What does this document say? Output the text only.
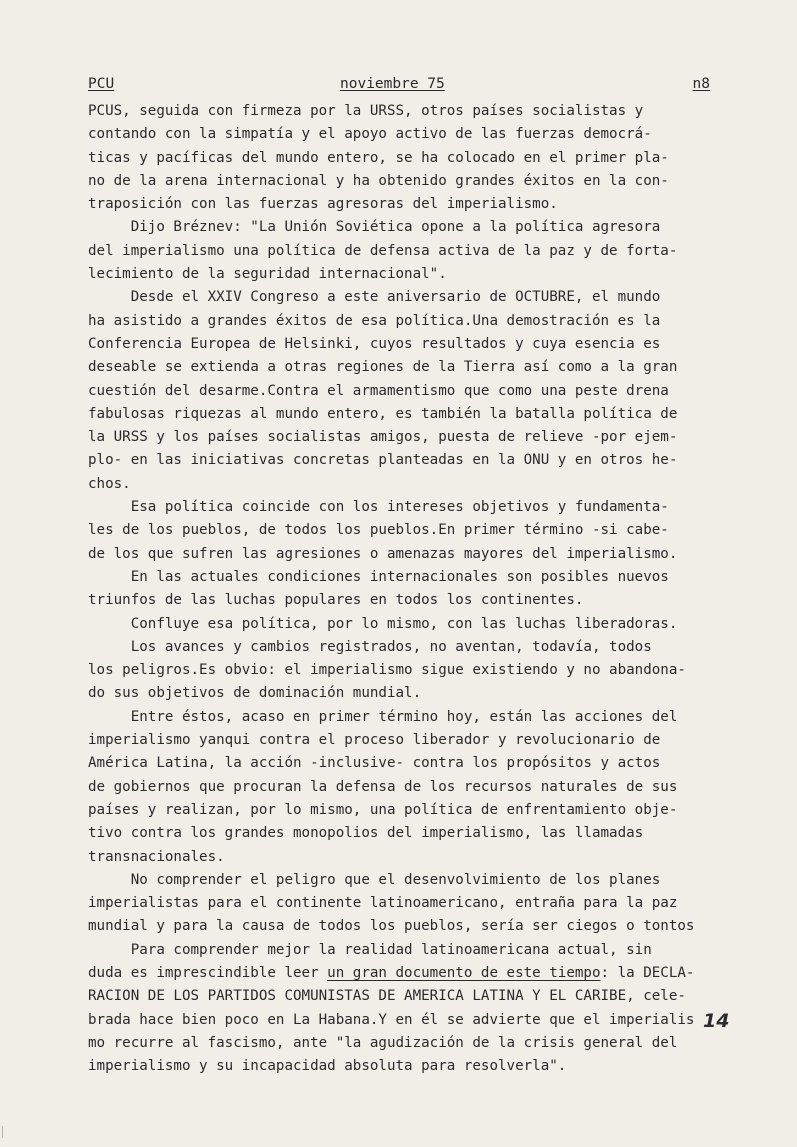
PCU	noviembre 75	n8
PCUS, seguida con firmeza por la URSS, otros países socialistas y
contando con la simpatía y el apoyo activo de las fuerzas democrá-
ticas y pacíficas del mundo entero, se ha colocado en el primer pla-
no de la arena internacional y ha obtenido grandes éxitos en la con-
traposición con las fuerzas agresoras del imperialismo.
Dijo Bréznev: "La Unión Soviética opone a la política agresora
del imperialismo una política de defensa activa de la paz y de forta-
lecimiento de la seguridad internacional".
Desde el XXIV Congreso a este aniversario de OCTUBRE, el mundo
ha asistido a grandes éxitos de esa política.Una demostración es la
Conferencia Europea de Helsinki, cuyos resultados y cuya esencia es
deseable se extienda a otras regiones de la Tierra así como a la gran
cuestión del desarme.Contra el armamentismo que como una peste drena
fabulosas riquezas al mundo entero, es también la batalla política de
la URSS y los países socialistas amigos, puesta de relieve -por ejem-
plo- en las iniciativas concretas planteadas en la ONU y en otros he-
chos.
Esa política coincide con los intereses objetivos y fundamenta-
les de los pueblos, de todos los pueblos.En primer término -si cabe-
de los que sufren las agresiones o amenazas mayores del imperialismo.
En las actuales condiciones internacionales son posibles nuevos
triunfos de las luchas populares en todos los continentes.
Confluye esa política, por lo mismo, con las luchas liberadoras.
Los avances y cambios registrados, no aventan, todavía, todos
los peligros.Es obvio: el imperialismo sigue existiendo y no abandona-
do sus objetivos de dominación mundial.
Entre éstos, acaso en primer término hoy, están las acciones del
imperialismo yanqui contra el proceso liberador y revolucionario de
América Latina, la acción -inclusive- contra los propósitos y actos
de gobiernos que procuran la defensa de los recursos naturales de sus
países y realizan, por lo mismo, una política de enfrentamiento obje-
tivo contra los grandes monopolios del imperialismo, las llamadas
transnacionales.
No comprender el peligro que el desenvolvimiento de los planes
imperialistas para el continente latinoamericano, entraña para la paz
mundial y para la causa de todos los pueblos, sería ser ciegos o tontos
Para comprender mejor la realidad latinoamericana actual, sin
duda es imprescindible leer un gran documento de este tiempo: la DECLA-
RACION DE LOS PARTIDOS COMUNISTAS DE AMERICA LATINA Y EL CARIBE, cele-
brada hace bien poco en La Habana.Y en él se advierte que el imperialis
mo recurre al fascismo, ante "la agudización de la crisis general del
imperialismo y su incapacidad absoluta para resolverla".
14
